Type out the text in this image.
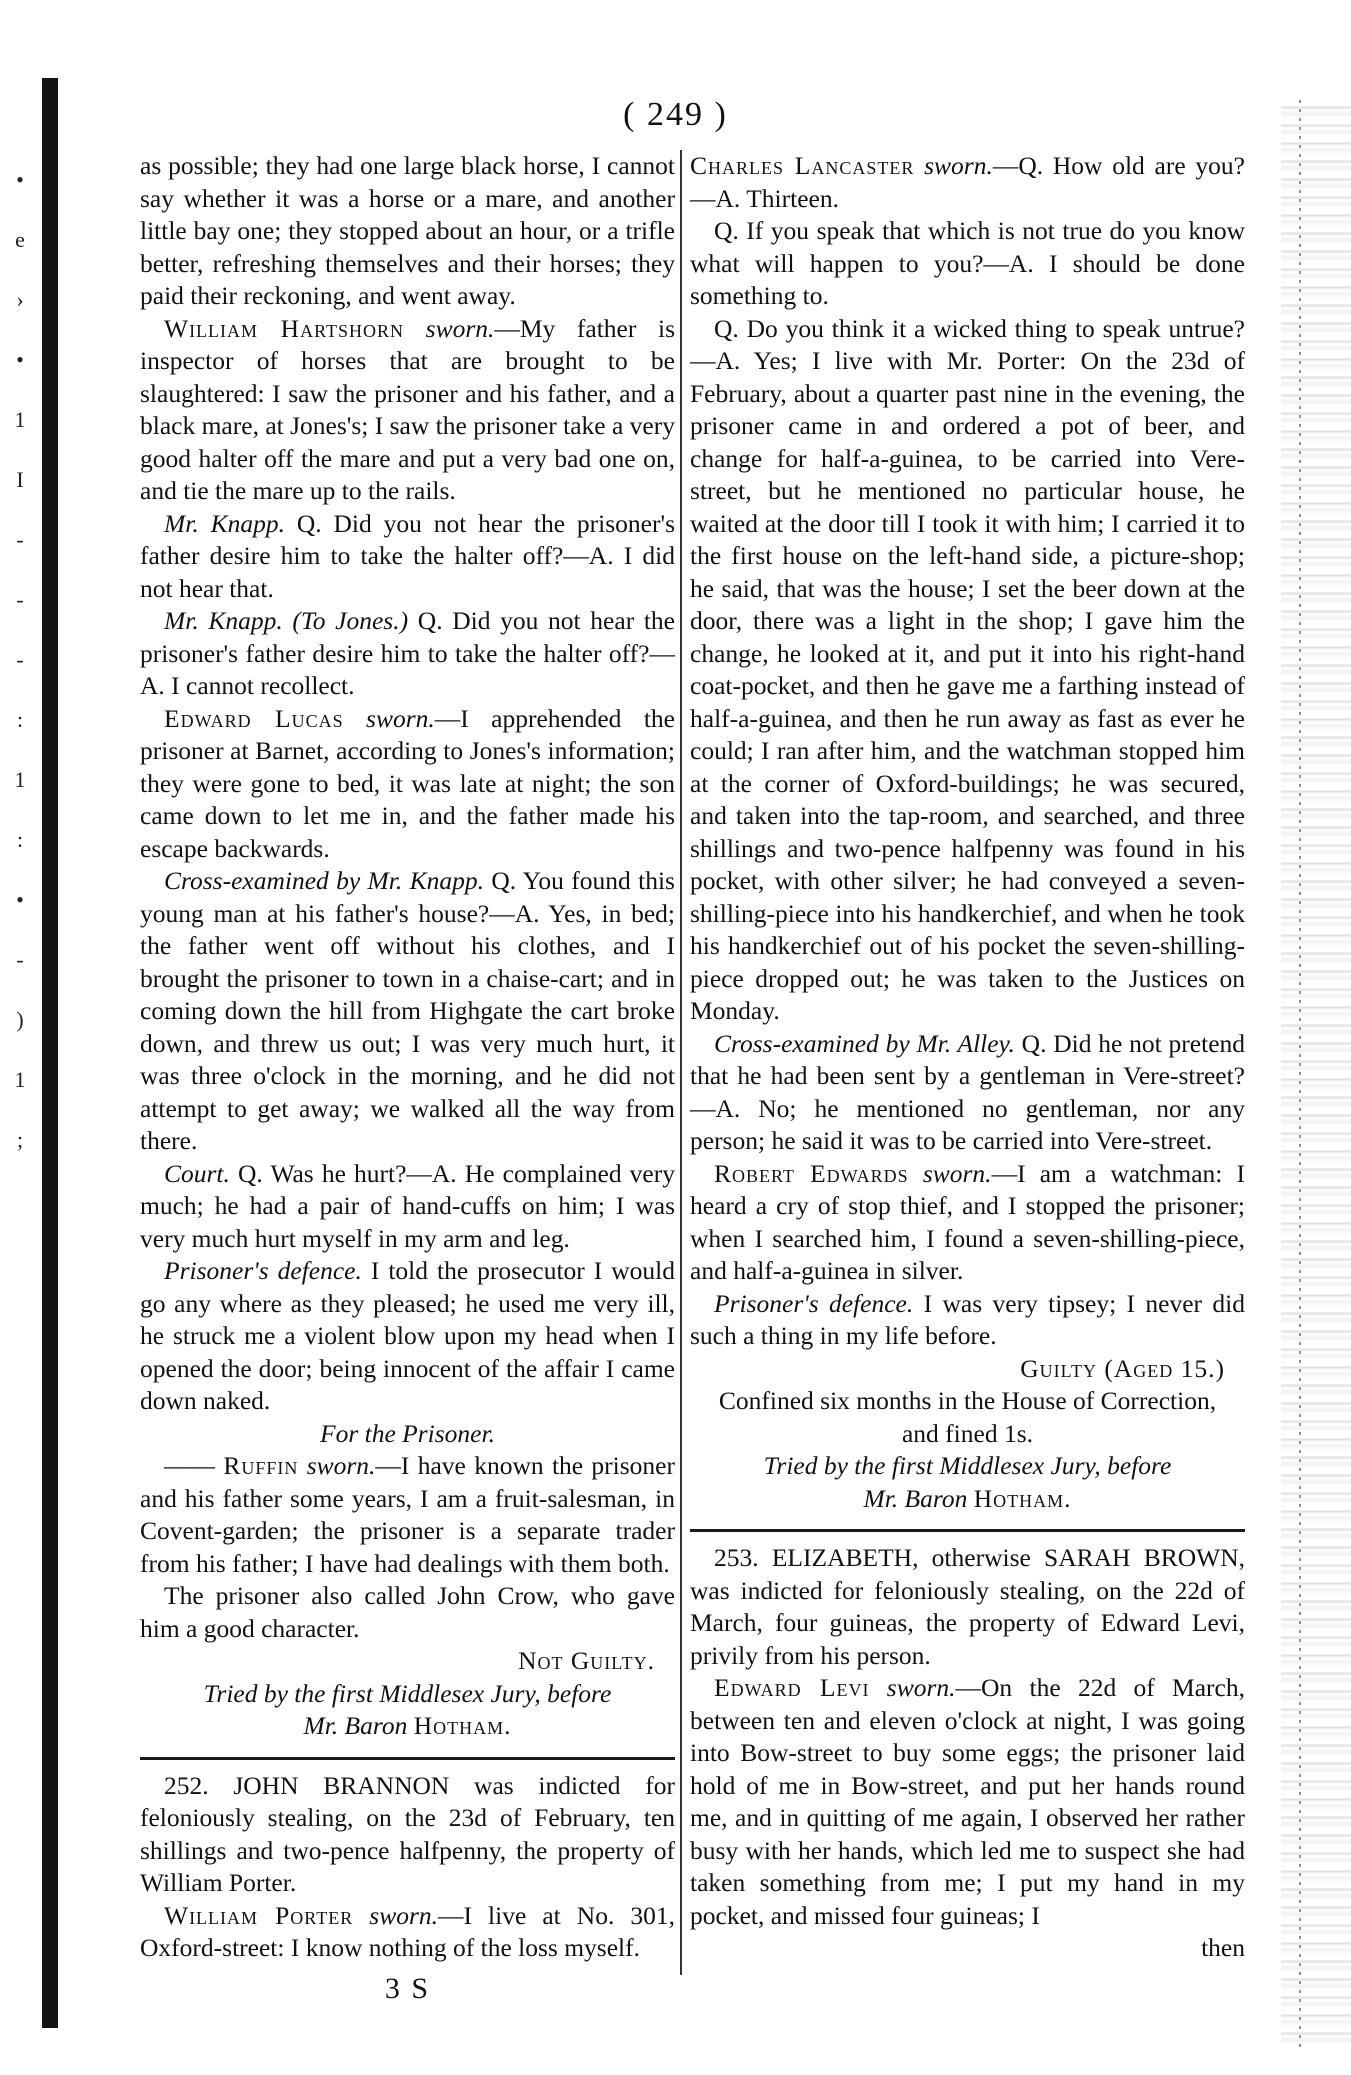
•
e
›
•
1
I
-
-
-
:
1
:
•
-
)
1
;
( 249 )

as possible; they had one large black horse, I cannot say whether it was a horse or a mare, and another little bay one; they stopped about an hour, or a trifle better, refreshing themselves and their horses; they paid their reckoning, and went away.

William Hartshorn sworn.—My father is inspector of horses that are brought to be slaughtered: I saw the prisoner and his father, and a black mare, at Jones's; I saw the prisoner take a very good halter off the mare and put a very bad one on, and tie the mare up to the rails.

Mr. Knapp. Q. Did you not hear the prisoner's father desire him to take the halter off?—A. I did not hear that.

Mr. Knapp. (To Jones.) Q. Did you not hear the prisoner's father desire him to take the halter off?—A. I cannot recollect.

Edward Lucas sworn.—I apprehended the prisoner at Barnet, according to Jones's information; they were gone to bed, it was late at night; the son came down to let me in, and the father made his escape backwards.

Cross-examined by Mr. Knapp. Q. You found this young man at his father's house?—A. Yes, in bed; the father went off without his clothes, and I brought the prisoner to town in a chaise-cart; and in coming down the hill from Highgate the cart broke down, and threw us out; I was very much hurt, it was three o'clock in the morning, and he did not attempt to get away; we walked all the way from there.

Court. Q. Was he hurt?—A. He complained very much; he had a pair of hand-cuffs on him; I was very much hurt myself in my arm and leg.

Prisoner's defence. I told the prosecutor I would go any where as they pleased; he used me very ill, he struck me a violent blow upon my head when I opened the door; being innocent of the affair I came down naked.

For the Prisoner.

—— Ruffin sworn.—I have known the prisoner and his father some years, I am a fruit-salesman, in Covent-garden; the prisoner is a separate trader from his father; I have had dealings with them both.

The prisoner also called John Crow, who gave him a good character.

Not Guilty.

Tried by the first Middlesex Jury, before

Mr. Baron Hotham.

252. JOHN BRANNON was indicted for feloniously stealing, on the 23d of February, ten shillings and two-pence halfpenny, the property of William Porter.

William Porter sworn.—I live at No. 301, Oxford-street: I know nothing of the loss myself.

3 S

Charles Lancaster sworn.—Q. How old are you?—A. Thirteen.

Q. If you speak that which is not true do you know what will happen to you?—A. I should be done something to.

Q. Do you think it a wicked thing to speak untrue?—A. Yes; I live with Mr. Porter: On the 23d of February, about a quarter past nine in the evening, the prisoner came in and ordered a pot of beer, and change for half-a-guinea, to be carried into Vere-street, but he mentioned no particular house, he waited at the door till I took it with him; I carried it to the first house on the left-hand side, a picture-shop; he said, that was the house; I set the beer down at the door, there was a light in the shop; I gave him the change, he looked at it, and put it into his right-hand coat-pocket, and then he gave me a farthing instead of half-a-guinea, and then he run away as fast as ever he could; I ran after him, and the watchman stopped him at the corner of Oxford-buildings; he was secured, and taken into the tap-room, and searched, and three shillings and two-pence halfpenny was found in his pocket, with other silver; he had conveyed a seven-shilling-piece into his handkerchief, and when he took his handkerchief out of his pocket the seven-shilling-piece dropped out; he was taken to the Justices on Monday.

Cross-examined by Mr. Alley. Q. Did he not pretend that he had been sent by a gentleman in Vere-street?—A. No; he mentioned no gentleman, nor any person; he said it was to be carried into Vere-street.

Robert Edwards sworn.—I am a watchman: I heard a cry of stop thief, and I stopped the prisoner; when I searched him, I found a seven-shilling-piece, and half-a-guinea in silver.

Prisoner's defence. I was very tipsey; I never did such a thing in my life before.

Guilty (Aged 15.)

Confined six months in the House of Correction,

and fined 1s.

Tried by the first Middlesex Jury, before

Mr. Baron Hotham.

253. ELIZABETH, otherwise SARAH BROWN, was indicted for feloniously stealing, on the 22d of March, four guineas, the property of Edward Levi, privily from his person.

Edward Levi sworn.—On the 22d of March, between ten and eleven o'clock at night, I was going into Bow-street to buy some eggs; the prisoner laid hold of me in Bow-street, and put her hands round me, and in quitting of me again, I observed her rather busy with her hands, which led me to suspect she had taken something from me; I put my hand in my pocket, and missed four guineas; I

then
